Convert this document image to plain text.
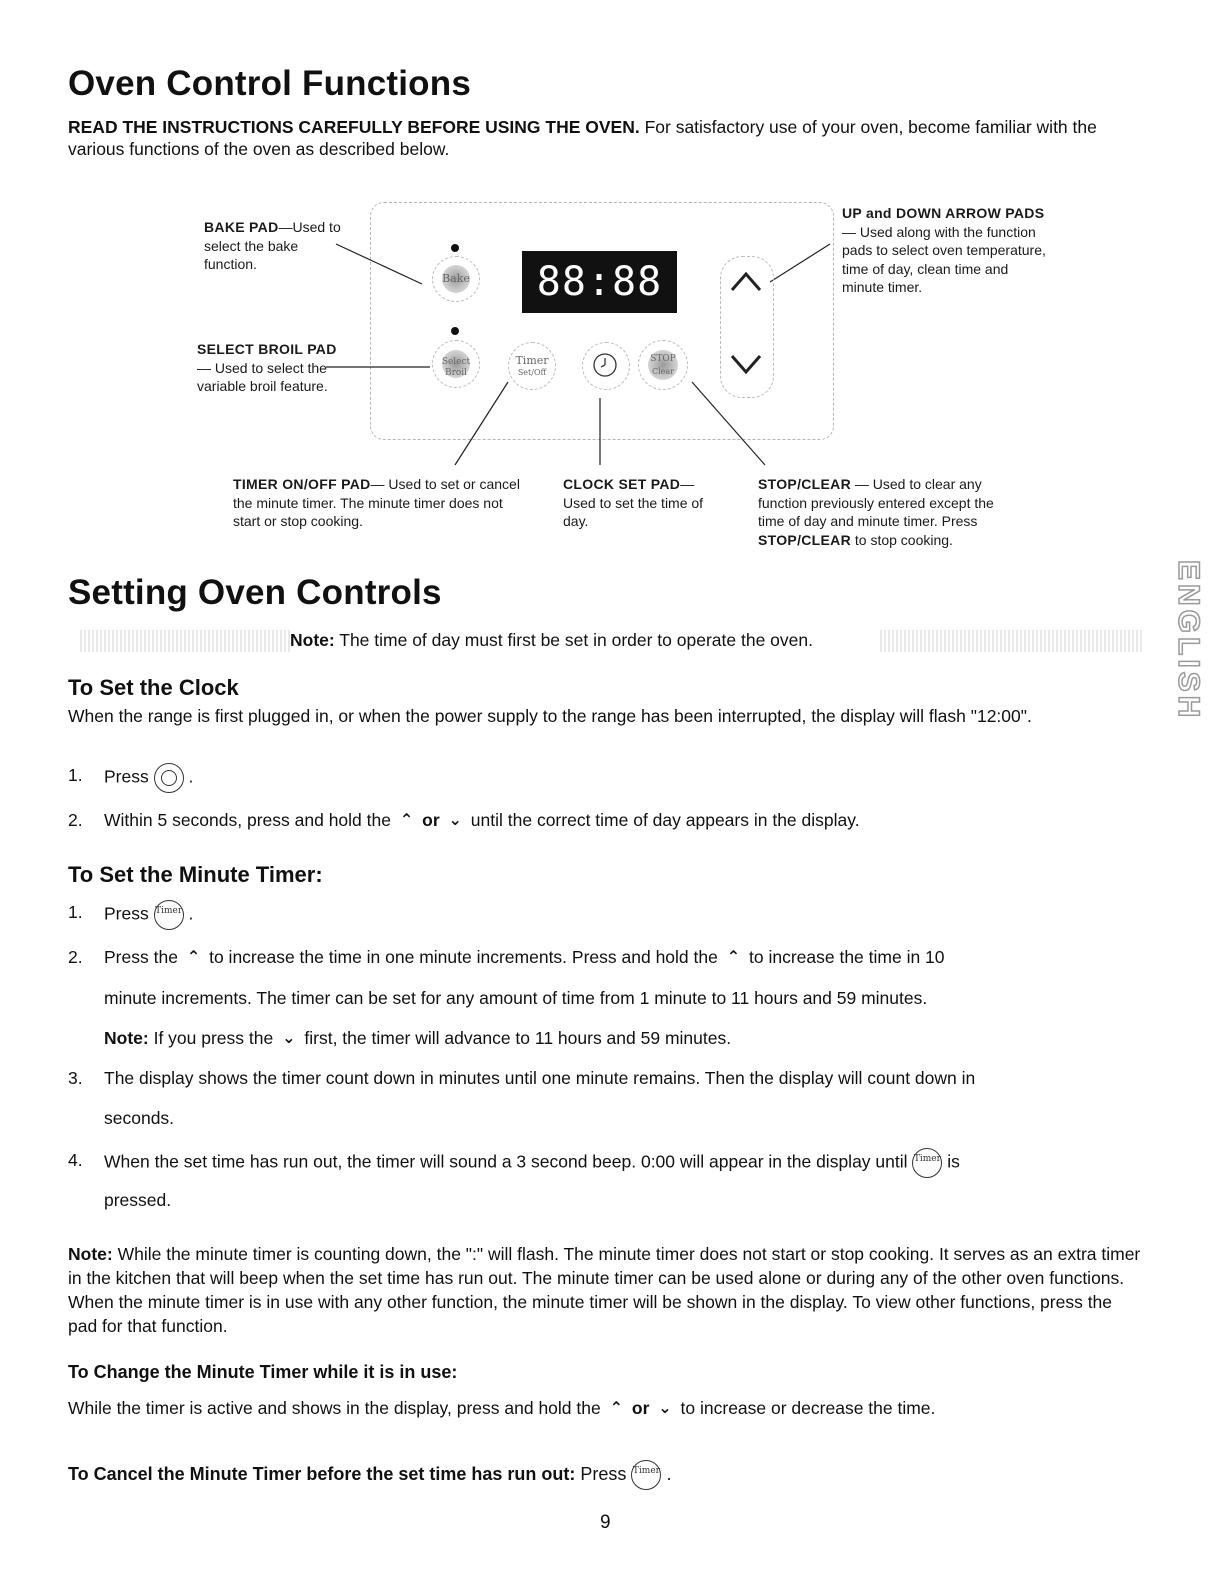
Oven Control Functions
READ THE INSTRUCTIONS CAREFULLY BEFORE USING THE OVEN. For satisfactory use of your oven, become familiar with the various functions of the oven as described below.
Bake
Select Broil
88:88
Timer
Set/Off
STOP
Clear
BAKE PAD—Used to select the bake function.
SELECT BROIL PAD— Used to select the variable broil feature.
UP and DOWN ARROW PADS— Used along with the function pads to select oven temperature, time of day, clean time and minute timer.
TIMER ON/OFF PAD— Used to set or cancel the minute timer. The minute timer does not start or stop cooking.
CLOCK SET PAD— Used to set the time of day.
STOP/CLEAR — Used to clear any function previously entered except the time of day and minute timer. Press STOP/CLEAR to stop cooking.
Setting Oven Controls
Note: The time of day must first be set in order to operate the oven.
To Set the Clock
When the range is first plugged in, or when the power supply to the range has been interrupted, the display will flash "12:00".
1. Press  .
2. Within 5 seconds, press and hold the ⌃ or ⌄ until the correct time of day appears in the display.
To Set the Minute Timer:
1. Press Timer .
2. Press the ⌃ to increase the time in one minute increments. Press and hold the ⌃ to increase the time in 10
minute increments. The timer can be set for any amount of time from 1 minute to 11 hours and 59 minutes.
Note: If you press the ⌄ first, the timer will advance to 11 hours and 59 minutes.
3. The display shows the timer count down in minutes until one minute remains. Then the display will count down in
seconds.
4. When the set time has run out, the timer will sound a 3 second beep. 0:00 will appear in the display until Timer is
pressed.
Note: While the minute timer is counting down, the ":" will flash. The minute timer does not start or stop cooking. It serves as an extra timer in the kitchen that will beep when the set time has run out. The minute timer can be used alone or during any of the other oven functions. When the minute timer is in use with any other function, the minute timer will be shown in the display. To view other functions, press the pad for that function.
To Change the Minute Timer while it is in use:
While the timer is active and shows in the display, press and hold the ⌃ or ⌄ to increase or decrease the time.
To Cancel the Minute Timer before the set time has run out: Press Timer .
9
ENGLISH
